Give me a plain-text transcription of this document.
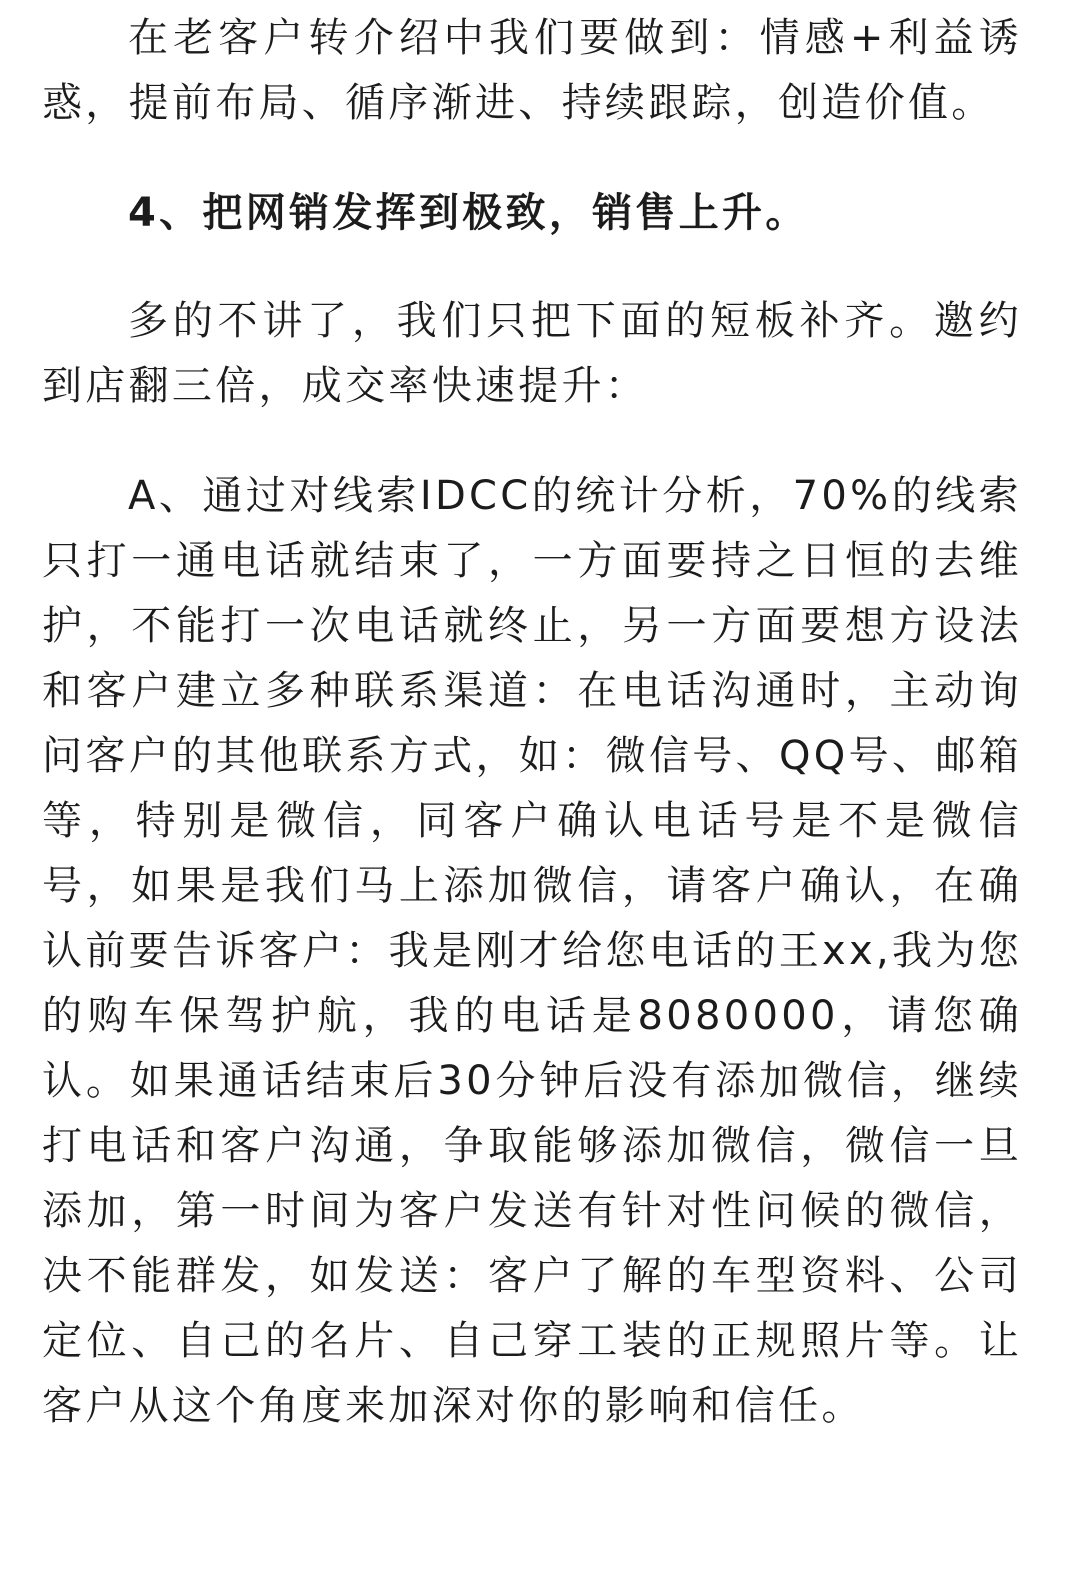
在老客户转介绍中我们要做到：情感+利益诱惑，提前布局、循序渐进、持续跟踪，创造价值。

4、把网销发挥到极致，销售上升。

多的不讲了，我们只把下面的短板补齐。邀约到店翻三倍，成交率快速提升：

A、通过对线索IDCC的统计分析，70%的线索只打一通电话就结束了，一方面要持之日恒的去维护，不能打一次电话就终止，另一方面要想方设法和客户建立多种联系渠道：在电话沟通时，主动询问客户的其他联系方式，如：微信号、QQ号、邮箱等，特别是微信，同客户确认电话号是不是微信号，如果是我们马上添加微信，请客户确认，在确认前要告诉客户：我是刚才给您电话的王xx,我为您的购车保驾护航，我的电话是8080000，请您确认。如果通话结束后30分钟后没有添加微信，继续打电话和客户沟通，争取能够添加微信，微信一旦添加，第一时间为客户发送有针对性问候的微信，决不能群发，如发送：客户了解的车型资料、公司定位、自己的名片、自己穿工装的正规照片等。让客户从这个角度来加深对你的影响和信任。
